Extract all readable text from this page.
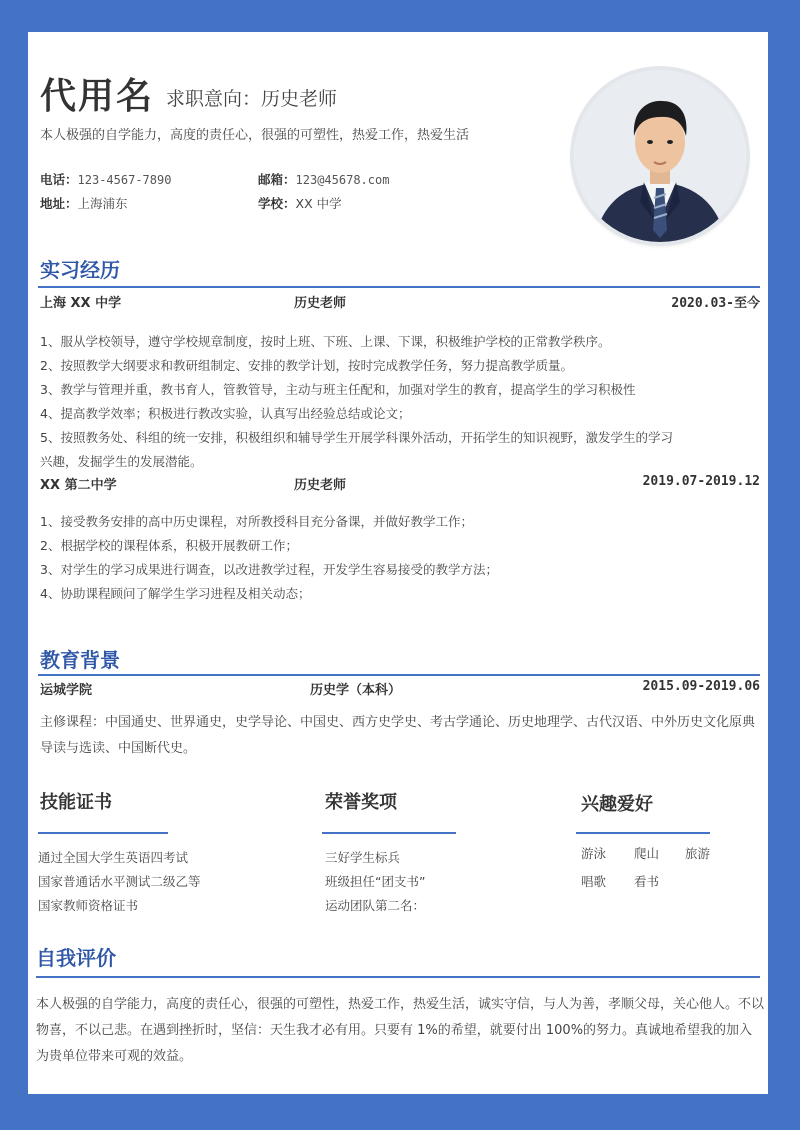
代用名 求职意向：历史老师
本人极强的自学能力，高度的责任心，很强的可塑性，热爱工作，热爱生活
电话：123-4567-7890	邮箱：123@45678.com
地址：上海浦东	学校：XX 中学
实习经历
上海 XX 中学	历史老师	2020.03-至今
1、服从学校领导，遵守学校规章制度，按时上班、下班、上课、下课，积极维护学校的正常教学秩序。
2、按照教学大纲要求和教研组制定、安排的教学计划，按时完成教学任务，努力提高教学质量。
3、教学与管理并重，教书育人，管教管导，主动与班主任配和，加强对学生的教育，提高学生的学习积极性
4、提高教学效率；积极进行教改实验，认真写出经验总结或论文；
5、按照教务处、科组的统一安排，积极组织和辅导学生开展学科课外活动，开拓学生的知识视野，激发学生的学习
兴趣，发掘学生的发展潜能。
XX 第二中学	历史老师	2019.07-2019.12
1、接受教务安排的高中历史课程，对所教授科目充分备课，并做好教学工作；
2、根据学校的课程体系，积极开展教研工作；
3、对学生的学习成果进行调查，以改进教学过程，开发学生容易接受的教学方法；
4、协助课程顾问了解学生学习进程及相关动态；
教育背景
运城学院	历史学（本科）	2015.09-2019.06
主修课程：中国通史、世界通史，史学导论、中国史、西方史学史、考古学通论、历史地理学、古代汉语、中外历史文化原典导读与选读、中国断代史。
技能证书
通过全国大学生英语四考试
国家普通话水平测试二级乙等
国家教师资格证书
荣誉奖项
三好学生标兵
班级担任“团支书”
运动团队第二名：
兴趣爱好
游泳 爬山 旅游
唱歌 看书
自我评价
本人极强的自学能力，高度的责任心，很强的可塑性，热爱工作，热爱生活，诚实守信，与人为善，孝顺父母，关心他人。不以物喜，不以己悲。在遇到挫折时，坚信：天生我才必有用。只要有 1%的希望，就要付出 100%的努力。真诚地希望我的加入为贵单位带来可观的效益。
